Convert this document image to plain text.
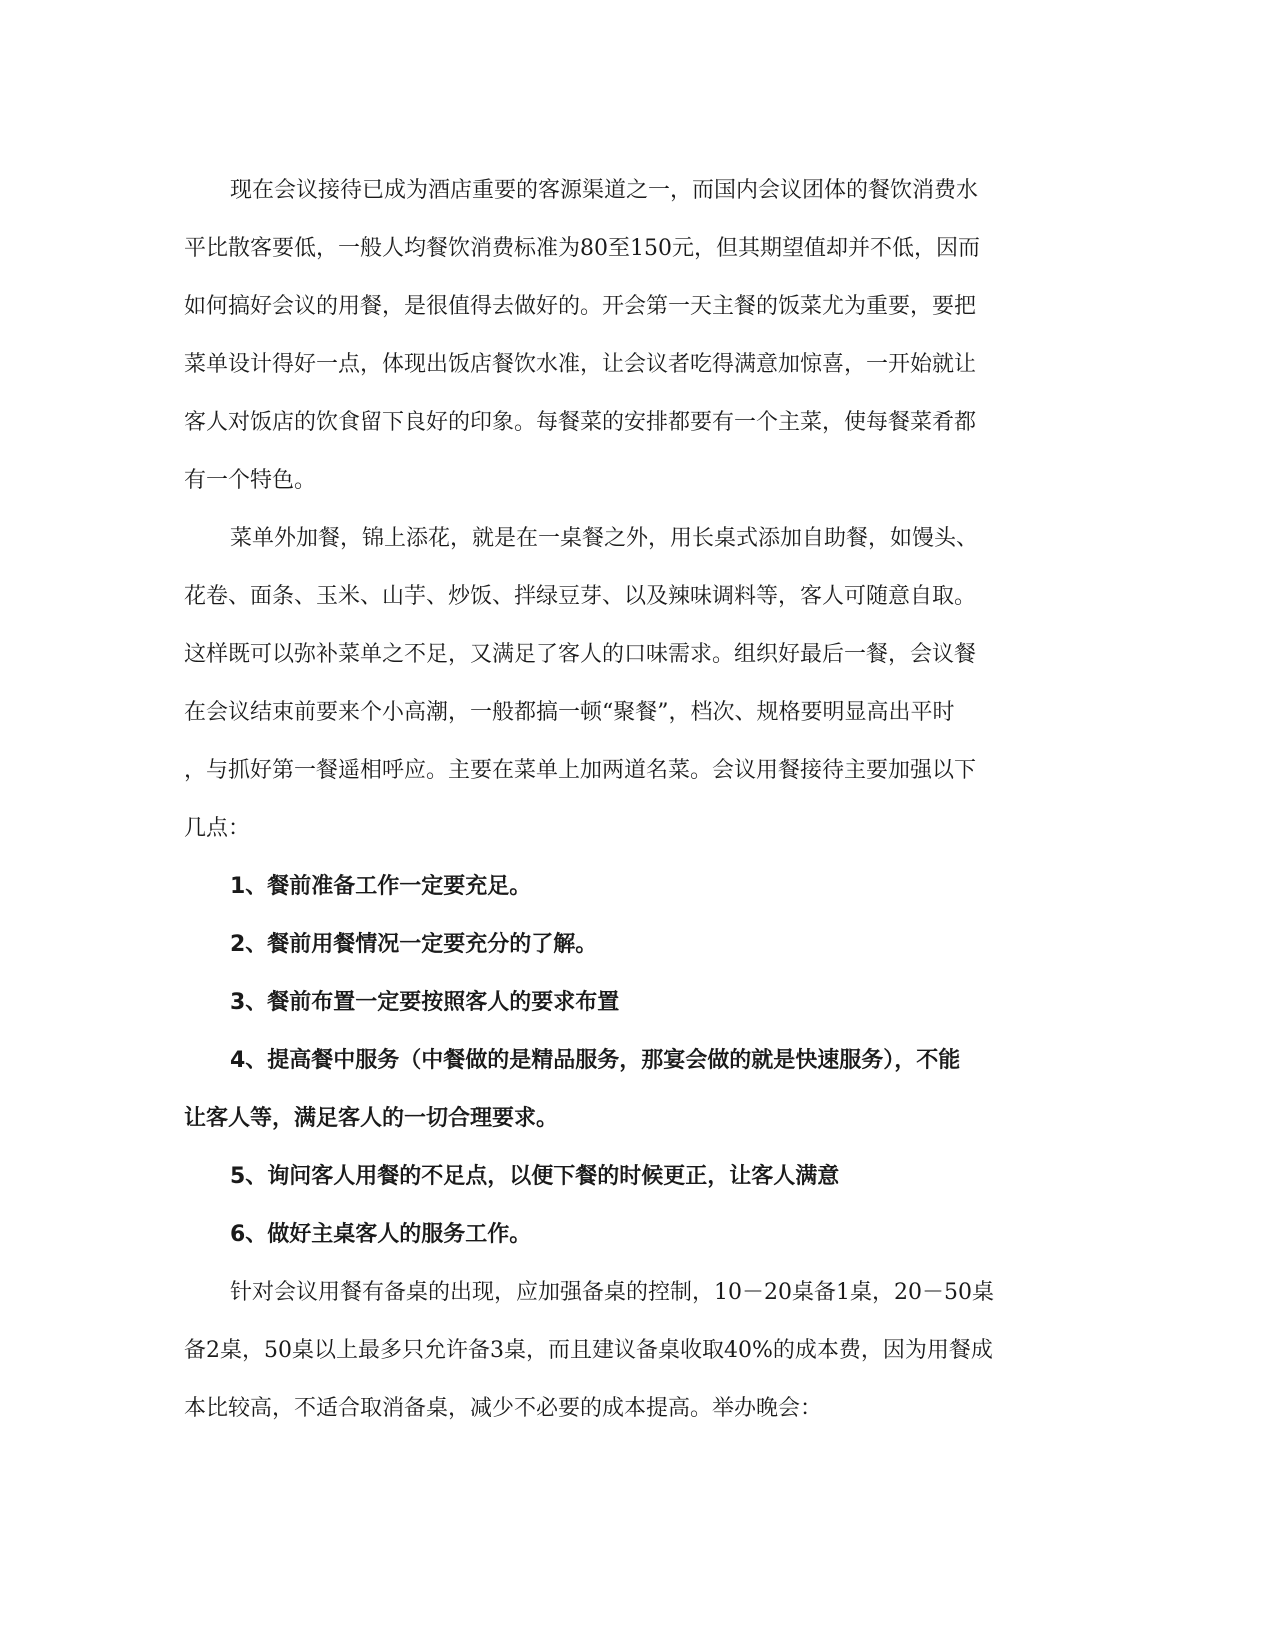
现在会议接待已成为酒店重要的客源渠道之一，而国内会议团体的餐饮消费水
平比散客要低，一般人均餐饮消费标准为80至150元，但其期望值却并不低，因而
如何搞好会议的用餐，是很值得去做好的。开会第一天主餐的饭菜尤为重要，要把
菜单设计得好一点，体现出饭店餐饮水准，让会议者吃得满意加惊喜，一开始就让
客人对饭店的饮食留下良好的印象。每餐菜的安排都要有一个主菜，使每餐菜肴都
有一个特色。

菜单外加餐，锦上添花，就是在一桌餐之外，用长桌式添加自助餐，如馒头、
花卷、面条、玉米、山芋、炒饭、拌绿豆芽、以及辣味调料等，客人可随意自取。
这样既可以弥补菜单之不足，又满足了客人的口味需求。组织好最后一餐，会议餐
在会议结束前要来个小高潮，一般都搞一顿“聚餐”，档次、规格要明显高出平时
，与抓好第一餐遥相呼应。主要在菜单上加两道名菜。会议用餐接待主要加强以下
几点：

1、餐前准备工作一定要充足。

2、餐前用餐情况一定要充分的了解。

3、餐前布置一定要按照客人的要求布置

4、提高餐中服务（中餐做的是精品服务，那宴会做的就是快速服务），不能
让客人等，满足客人的一切合理要求。

5、询问客人用餐的不足点，以便下餐的时候更正，让客人满意

6、做好主桌客人的服务工作。

针对会议用餐有备桌的出现，应加强备桌的控制，10－20桌备1桌，20－50桌
备2桌，50桌以上最多只允许备3桌，而且建议备桌收取40%的成本费，因为用餐成
本比较高，不适合取消备桌，减少不必要的成本提高。举办晚会：
